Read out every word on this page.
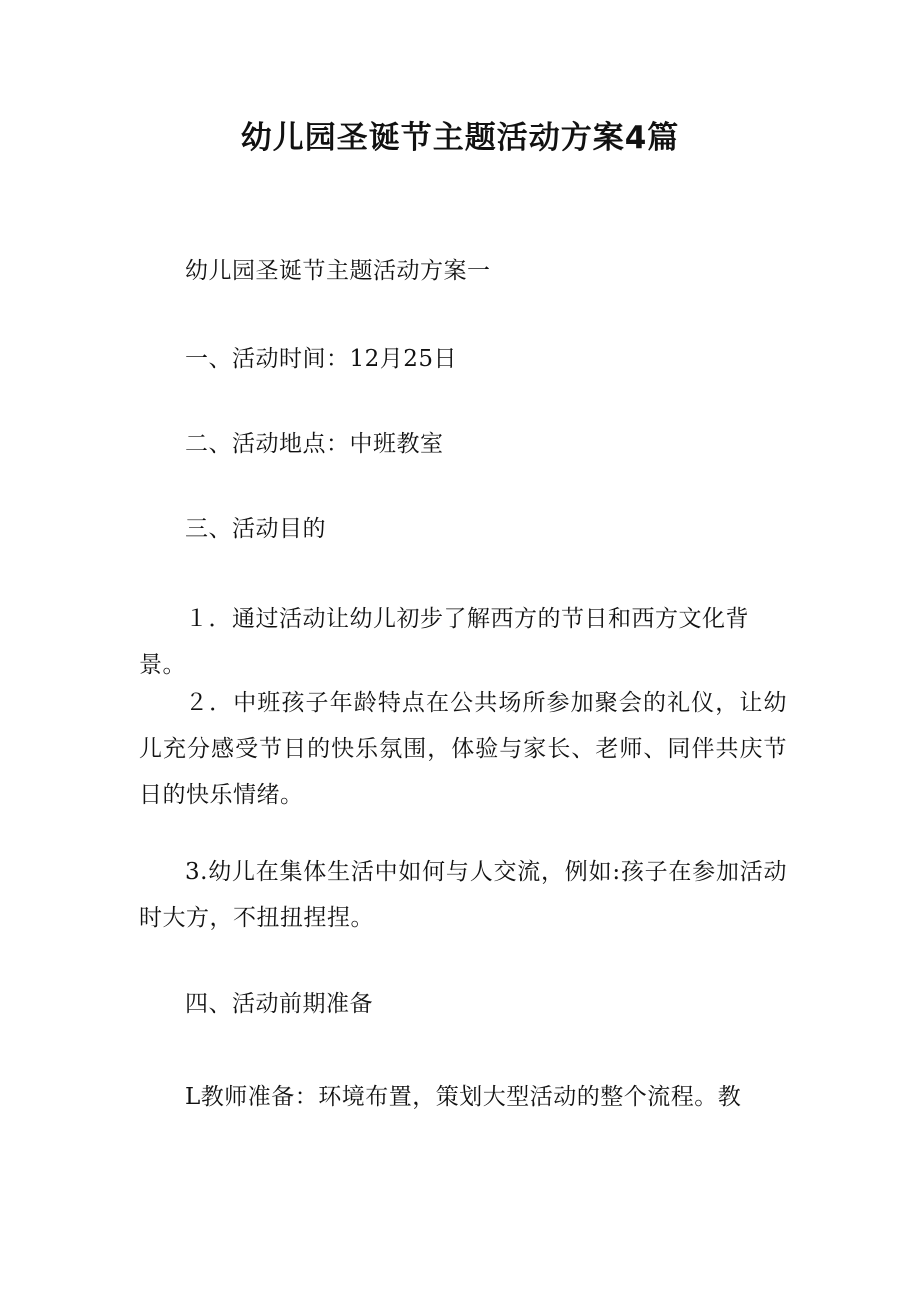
幼儿园圣诞节主题活动方案4篇

幼儿园圣诞节主题活动方案一

一、活动时间：12月25日

二、活动地点：中班教室

三、活动目的

１．通过活动让幼儿初步了解西方的节日和西方文化背景。

２．中班孩子年龄特点在公共场所参加聚会的礼仪，让幼儿充分感受节日的快乐氛围，体验与家长、老师、同伴共庆节日的快乐情绪。

3.幼儿在集体生活中如何与人交流，例如:孩子在参加活动时大方，不扭扭捏捏。

四、活动前期准备

L教师准备：环境布置，策划大型活动的整个流程。教
